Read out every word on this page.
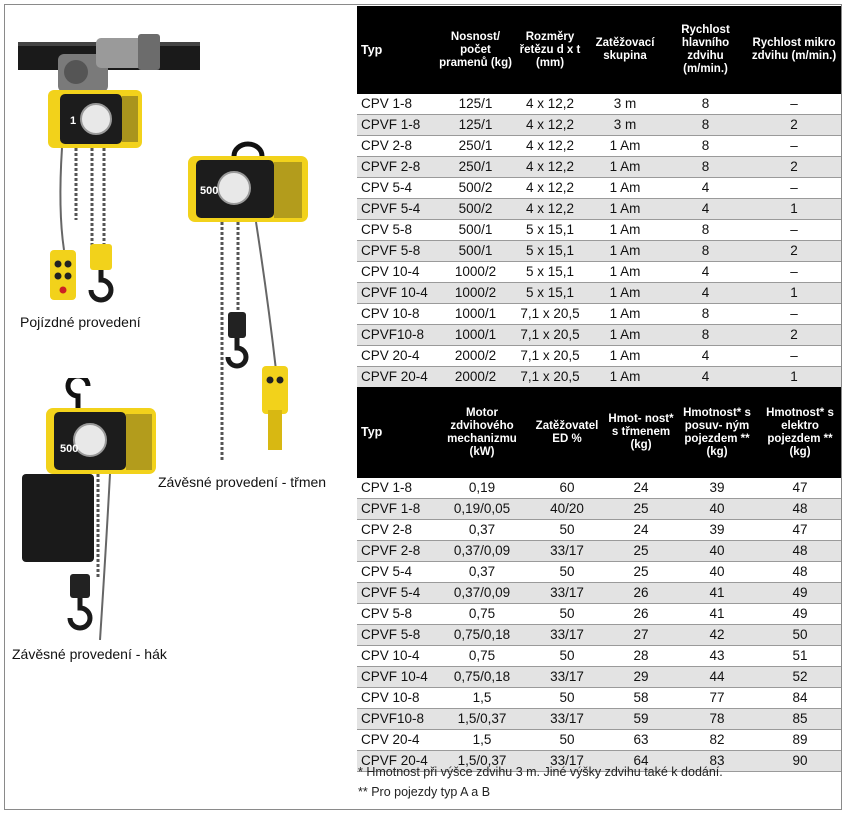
1
500
500
Pojízdné provedení
Závěsné provedení - třmen
Závěsné provedení - hák
Typ	Nosnost/ počet pramenů (kg)	Rozměry řetězu d x t (mm)	Zatěžovací skupina	Rychlost hlavního zdvihu (m/min.)	Rychlost mikro zdvihu (m/min.)
CPV 1-8	125/1	4 x 12,2	3 m	8	–
CPVF 1-8	125/1	4 x 12,2	3 m	8	2
CPV 2-8	250/1	4 x 12,2	1 Am	8	–
CPVF 2-8	250/1	4 x 12,2	1 Am	8	2
CPV 5-4	500/2	4 x 12,2	1 Am	4	–
CPVF 5-4	500/2	4 x 12,2	1 Am	4	1
CPV 5-8	500/1	5 x 15,1	1 Am	8	–
CPVF 5-8	500/1	5 x 15,1	1 Am	8	2
CPV 10-4	1000/2	5 x 15,1	1 Am	4	–
CPVF 10-4	1000/2	5 x 15,1	1 Am	4	1
CPV 10-8	1000/1	7,1 x 20,5	1 Am	8	–
CPVF10-8	1000/1	7,1 x 20,5	1 Am	8	2
CPV 20-4	2000/2	7,1 x 20,5	1 Am	4	–
CPVF 20-4	2000/2	7,1 x 20,5	1 Am	4	1
Typ	Motor zdvihového mechanizmu (kW)	Zatěžovatel ED %	Hmot- nost* s třmenem (kg)	Hmotnost* s posuv- ným pojezdem ** (kg)	Hmotnost* s elektro pojezdem ** (kg)
CPV 1-8	0,19	60	24	39	47
CPVF 1-8	0,19/0,05	40/20	25	40	48
CPV 2-8	0,37	50	24	39	47
CPVF 2-8	0,37/0,09	33/17	25	40	48
CPV 5-4	0,37	50	25	40	48
CPVF 5-4	0,37/0,09	33/17	26	41	49
CPV 5-8	0,75	50	26	41	49
CPVF 5-8	0,75/0,18	33/17	27	42	50
CPV 10-4	0,75	50	28	43	51
CPVF 10-4	0,75/0,18	33/17	29	44	52
CPV 10-8	1,5	50	58	77	84
CPVF10-8	1,5/0,37	33/17	59	78	85
CPV 20-4	1,5	50	63	82	89
CPVF 20-4	1,5/0,37	33/17	64	83	90
* Hmotnost při výšce zdvihu 3 m. Jiné výšky zdvihu také k dodání.
** Pro pojezdy typ A a B
